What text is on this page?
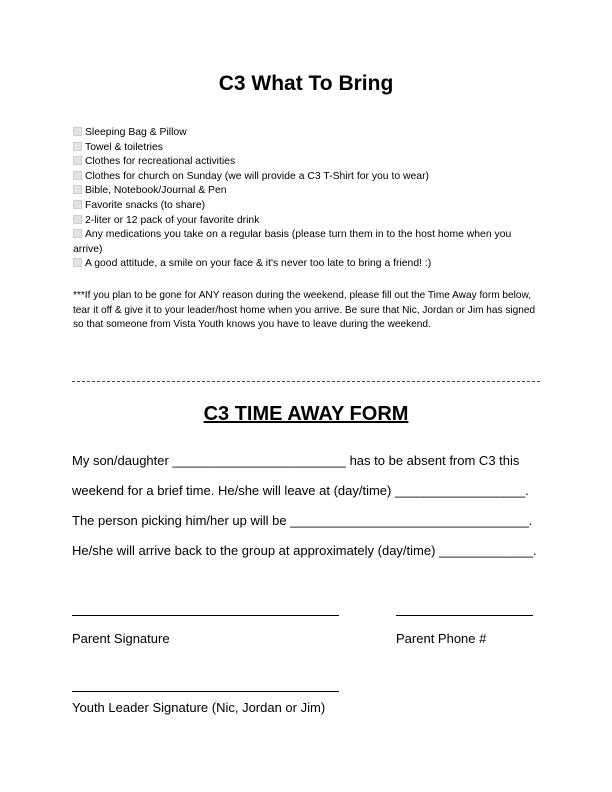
C3 What To Bring
Sleeping Bag & Pillow
Towel & toiletries
Clothes for recreational activities
Clothes for church on Sunday (we will provide a C3 T-Shirt for you to wear)
Bible, Notebook/Journal & Pen
Favorite snacks (to share)
2-liter or 12 pack of your favorite drink
Any medications you take on a regular basis (please turn them in to the host home when you arrive)
A good attitude, a smile on your face & it's never too late to bring a friend! :)

***If you plan to be gone for ANY reason during the weekend, please fill out the Time Away form below, tear it off & give it to your leader/host home when you arrive. Be sure that Nic, Jordan or Jim has signed so that someone from Vista Youth knows you have to leave during the weekend.

C3 TIME AWAY FORM

My son/daughter ________________________ has to be absent from C3 this

weekend for a brief time. He/she will leave at (day/time) __________________.

The person picking him/her up will be _________________________________.

He/she will arrive back to the group at approximately (day/time) _____________.

Parent Signature	Parent Phone #

Youth Leader Signature (Nic, Jordan or Jim)
